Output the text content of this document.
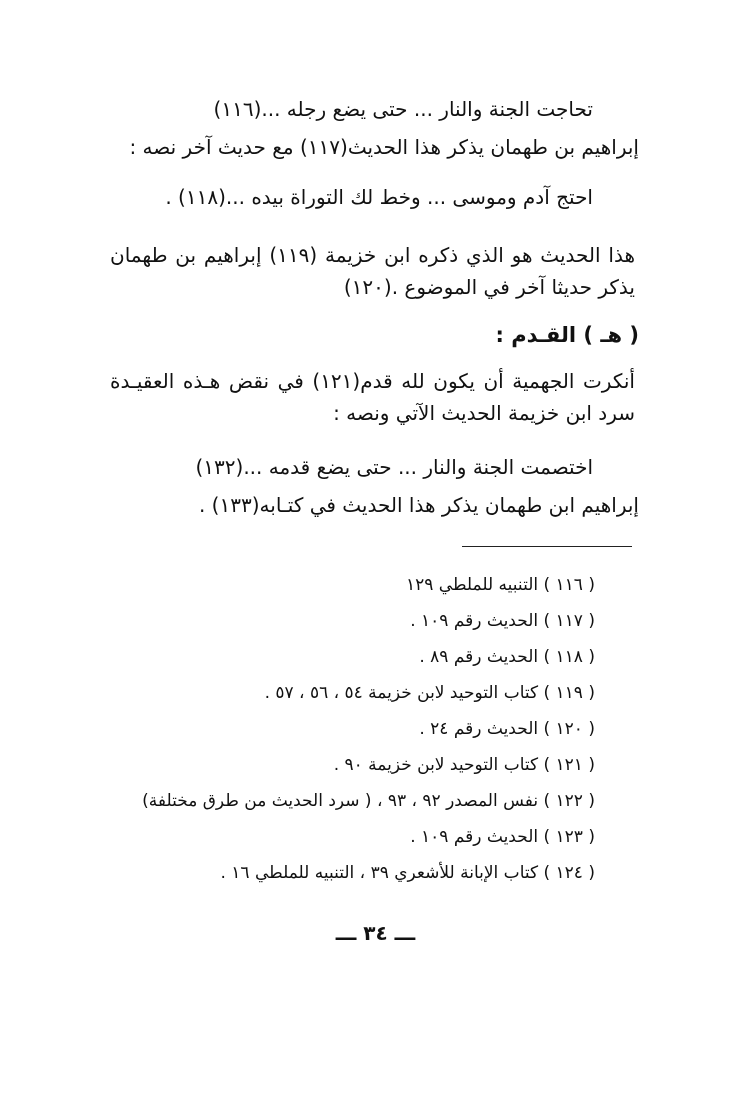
تحاجت الجنة والنار ... حتى يضع رجله ...(١١٦)
إبراهيم بن طهمان يذكر هذا الحديث(١١٧) مع حديث آخر نصه :
احتج آدم وموسى ... وخط لك التوراة بيده ...(١١٨) .
هذا الحديث هو الذي ذكره ابن خزيمة (١١٩) إبراهيم بن طهمان
يذكر حديثا آخر في الموضوع .(١٢٠)
( هـ ) القـدم :
أنكرت الجهمية أن يكون لله قدم(١٢١) في نقض هـذه العقيـدة
سرد ابن خزيمة الحديث الآتي ونصه :
اختصمت الجنة والنار ... حتى يضع قدمه ...(١٣٢)
إبراهيم ابن طهمان يذكر هذا الحديث في كتـابه(١٣٣) .
( ١١٦ ) التنبيه للملطي ١٢٩
( ١١٧ ) الحديث رقم ١٠٩ .
( ١١٨ ) الحديث رقم ٨٩ .
( ١١٩ ) كتاب التوحيد لابن خزيمة ٥٤ ، ٥٦ ، ٥٧ .
( ١٢٠ ) الحديث رقم ٢٤ .
( ١٢١ ) كتاب التوحيد لابن خزيمة ٩٠ .
( ١٢٢ ) نفس المصدر ٩٢ ، ٩٣ ، ( سرد الحديث من طرق مختلفة)
( ١٢٣ ) الحديث رقم ١٠٩ .
( ١٢٤ ) كتاب الإبانة للأشعري ٣٩ ، التنبيه للملطي ١٦ .
ـــ ٣٤ ـــ
